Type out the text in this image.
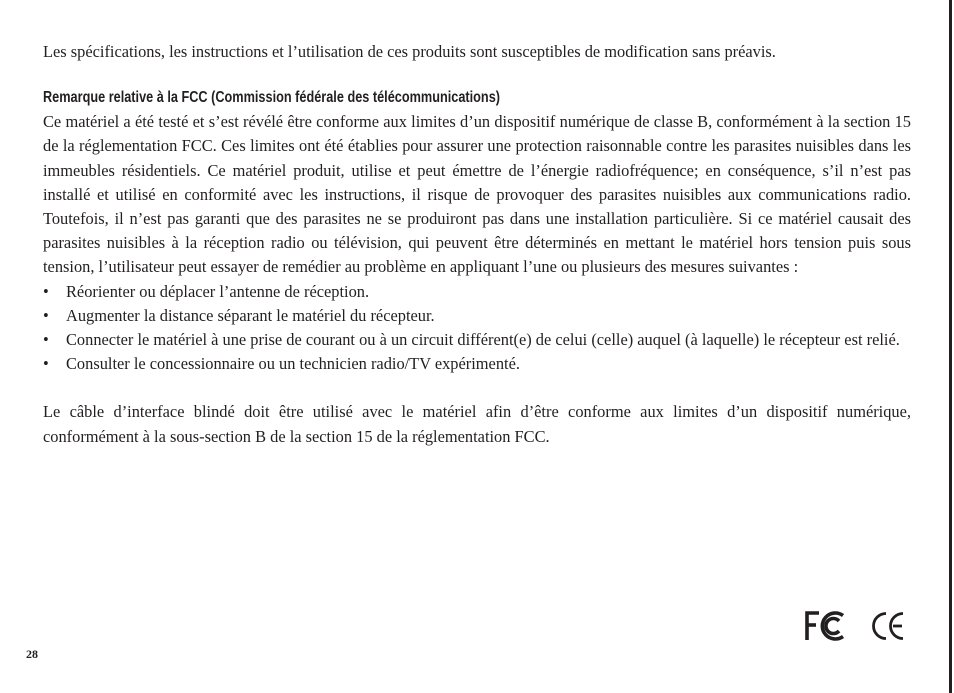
Les spécifications, les instructions et l’utilisation de ces produits sont susceptibles de modification sans préavis.

Remarque relative à la FCC (Commission fédérale des télécommunications)

Ce matériel a été testé et s’est révélé être conforme aux limites d’un dispositif numérique de classe B, conformément à la section 15 de la réglementation FCC. Ces limites ont été établies pour assurer une protection raisonnable contre les parasites nuisibles dans les immeubles résidentiels. Ce matériel produit, utilise et peut émettre de l’énergie radiofréquence; en conséquence, s’il n’est pas installé et utilisé en conformité avec les instructions, il risque de provoquer des parasites nuisibles aux communications radio. Toutefois, il n’est pas garanti que des parasites ne se produiront pas dans une installation particulière. Si ce matériel causait des parasites nuisibles à la réception radio ou télévision, qui peuvent être déterminés en mettant le matériel hors tension puis sous tension, l’utilisateur peut essayer de remédier au problème en appliquant l’une ou plusieurs des mesures suivantes :

• Réorienter ou déplacer l’antenne de réception.
• Augmenter la distance séparant le matériel du récepteur.
• Connecter le matériel à une prise de courant ou à un circuit différent(e) de celui (celle) auquel (à laquelle) le récepteur est relié.
• Consulter le concessionnaire ou un technicien radio/TV expérimenté.

Le câble d’interface blindé doit être utilisé avec le matériel afin d’être conforme aux limites d’un dispositif numérique, conformément à la sous-section B de la section 15 de la réglementation FCC.

28
